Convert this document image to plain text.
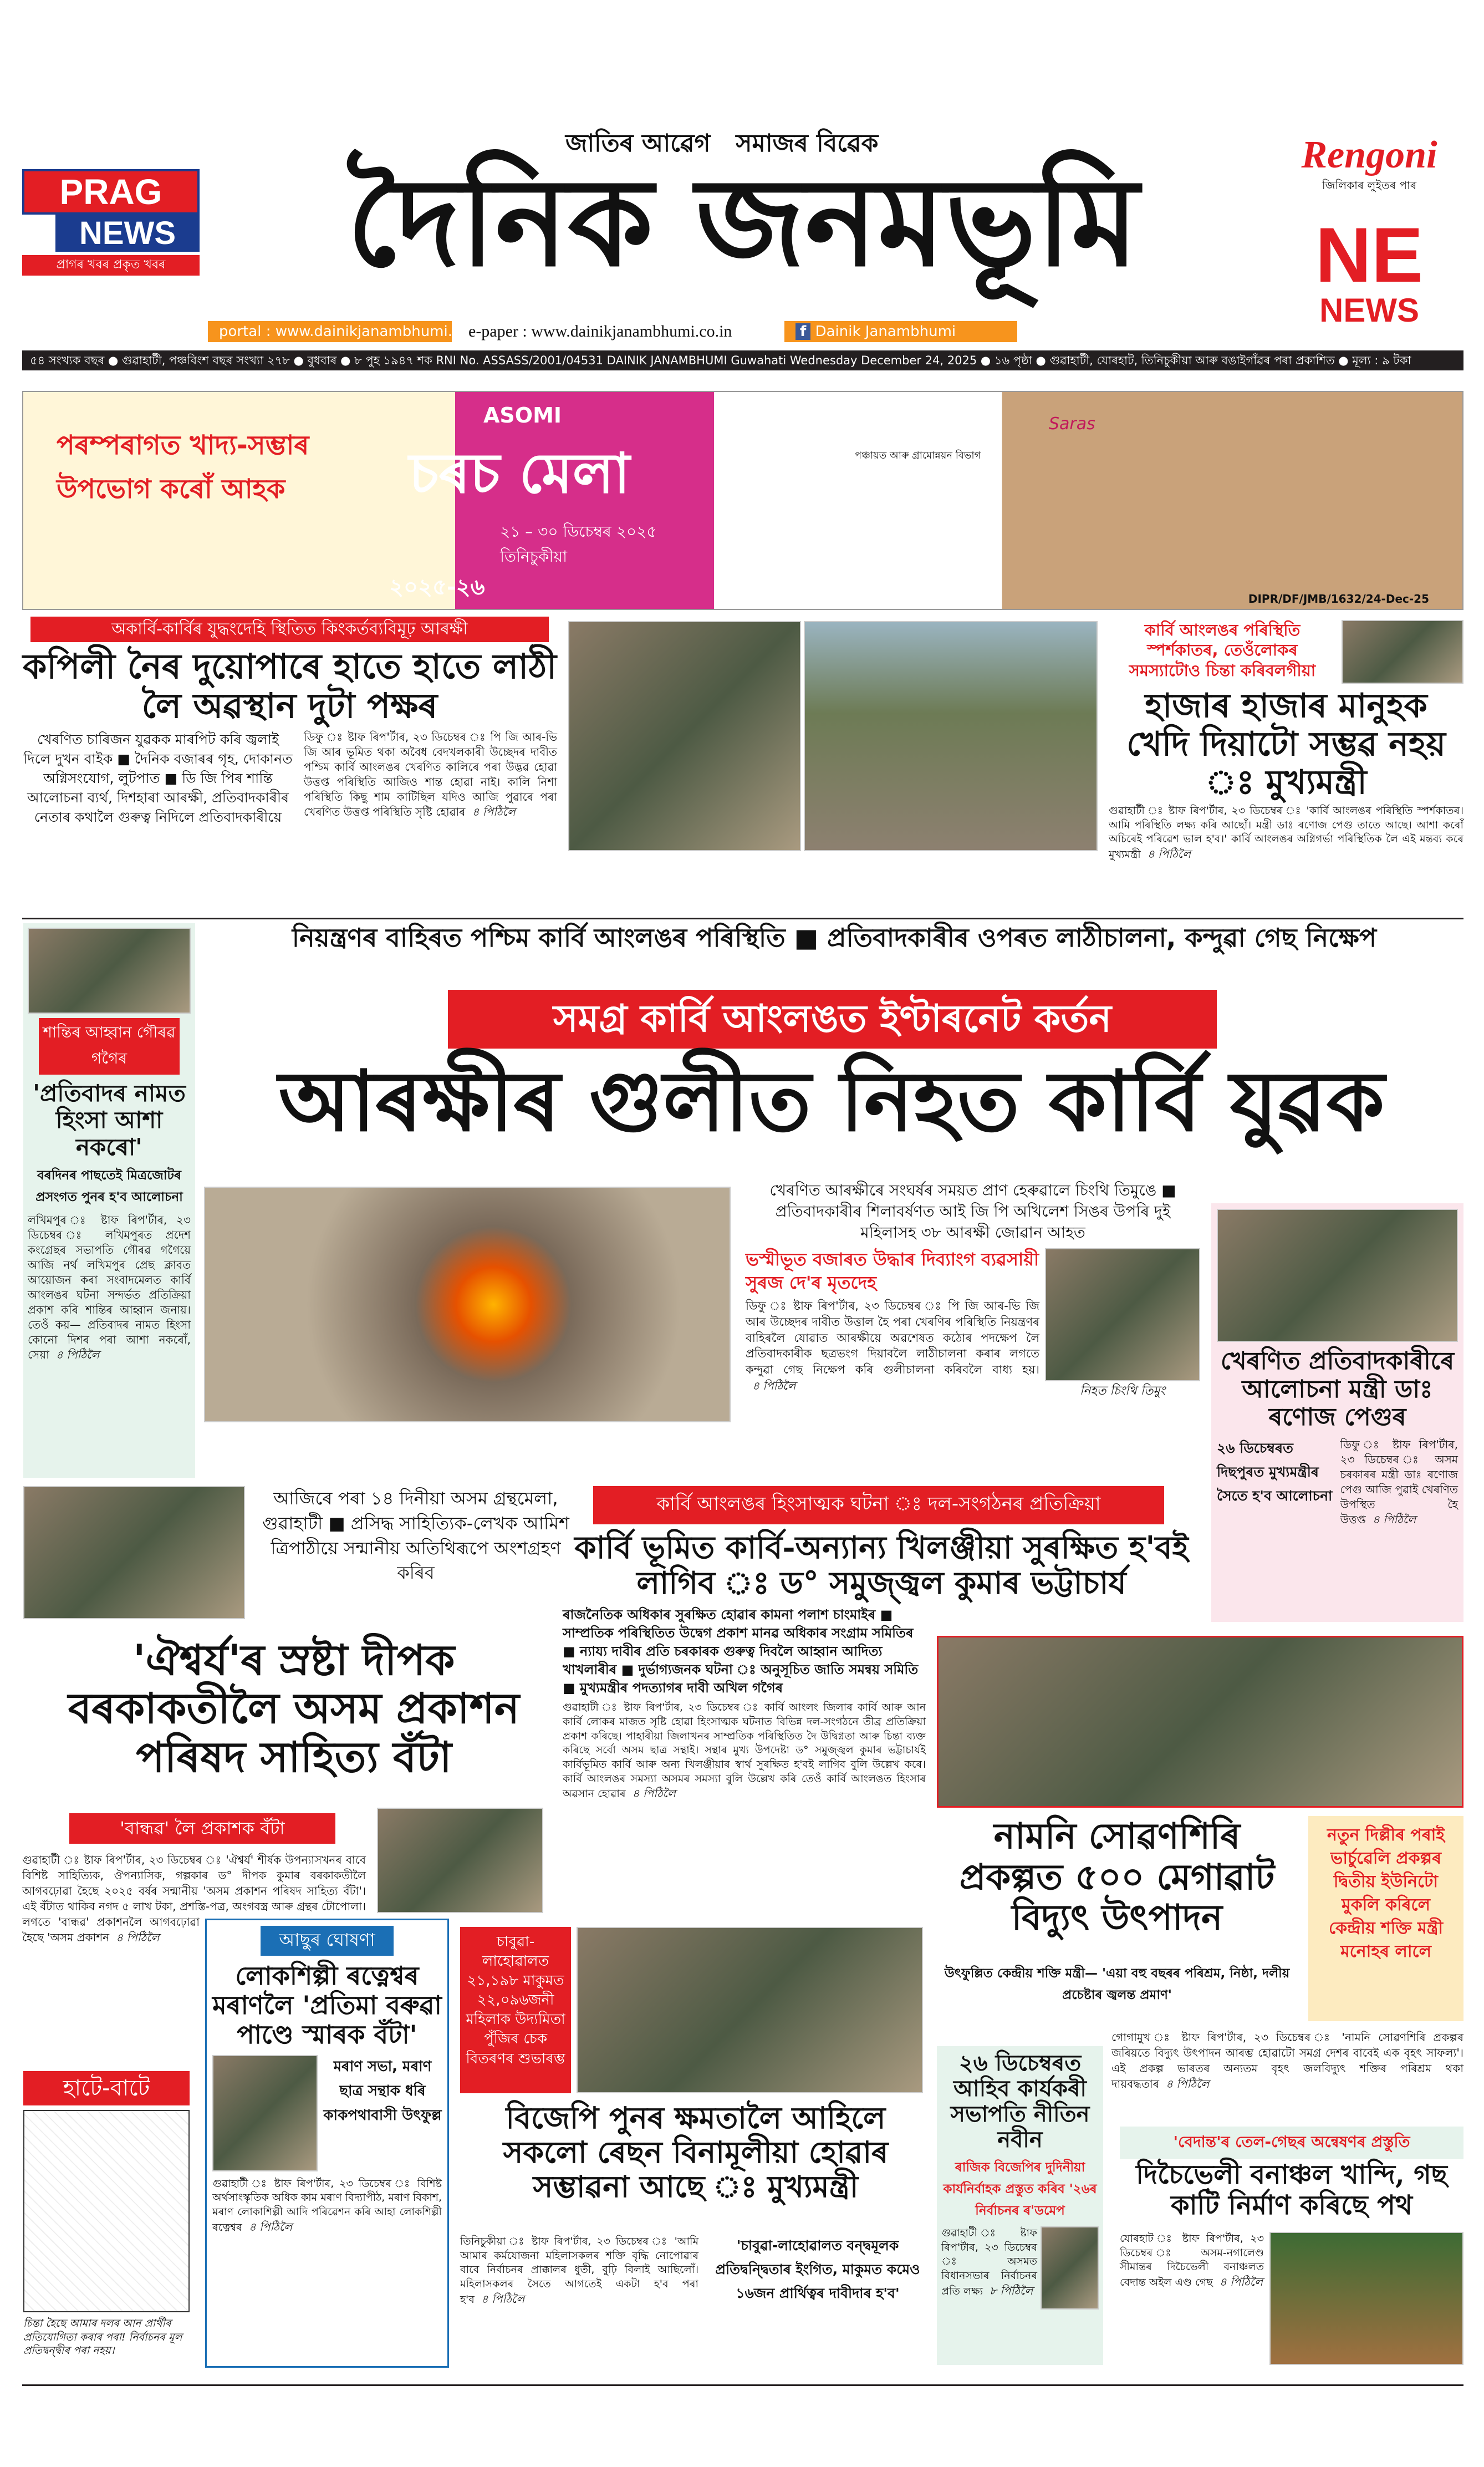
PRAG
NEWS
প্ৰাগৰ খবৰ প্ৰকৃত খবৰ
জাতিৰ আৱেগ সমাজৰ বিৱেক
দৈনিক জনমভূমি	Rengoni
জিলিকাৰ লুইতৰ পাৰ
NE
NEWS
portal : www.dainikjanambhumi.com
e-paper : www.dainikjanambhumi.co.in	f Dainik Janambhumi
৫৪ সংখ্যক বছৰ ● গুৱাহাটী, পঞ্চবিংশ বছৰ সংখ্যা ২৭৮ ● বুধবাৰ ● ৮ পুহ ১৯৪৭ শক RNI No. ASSASS/2001/04531 DAINIK JANAMBHUMI Guwahati Wednesday December 24, 2025 ● ১৬ পৃষ্ঠা ● গুৱাহাটী, যোৰহাট, তিনিচুকীয়া আৰু বঙাইগাঁৱৰ পৰা প্ৰকাশিত ● মূল্য : ৯ টকা
পৰম্পৰাগত খাদ্য-সম্ভাৰ উপভোগ কৰোঁ আহক
ASOMI
চৰচ মেলা
২১ – ৩০ ডিচেম্বৰ ২০২৫
তিনিচুকীয়া
২০২৫-২৬
পঞ্চায়ত আৰু গ্ৰামোন্নয়ন বিভাগ
Saras
DIPR/DF/JMB/1632/24-Dec-25
অকাৰ্বি-কাৰ্বিৰ যুদ্ধংদেহি স্থিতিত কিংকৰ্তব্যবিমূঢ় আৰক্ষী
কপিলী নৈৰ দুয়োপাৰে হাতে হাতে লাঠী লৈ অৱস্থান দুটা পক্ষৰ
খেৰণিত চাৰিজন যুৱকক মাৰপিট কৰি জ্বলাই দিলে দুখন বাইক ■ দৈনিক বজাৰৰ গৃহ, দোকানত অগ্নিসংযোগ, লুটপাত ■ ডি জি পিৰ শান্তি আলোচনা ব্যৰ্থ, দিশহাৰা আৰক্ষী, প্ৰতিবাদকাৰীৰ নেতাৰ কথালৈ গুৰুত্ব নিদিলে প্ৰতিবাদকাৰীয়ে
ডিফু ঃ ষ্টাফ ৰিপ'ৰ্টাৰ, ২৩ ডিচেম্বৰ ঃ পি জি আৰ-ভি জি আৰ ভূমিত থকা অবৈধ বেদখলকাৰী উচ্ছেদৰ দাবীত পশ্চিম কাৰ্বি আংলঙৰ খেৰণিত কালিৰে পৰা উদ্ভৱ হোৱা উত্তপ্ত পৰিস্থিতি আজিও শান্ত হোৱা নাই। কালি নিশা পৰিস্থিতি কিছু শাম কাটিছিল যদিও আজি পুৱাৰে পৰা খেৰণিত উত্তপ্ত পৰিস্থিতি সৃষ্টি হোৱাৰ ৪ পিঠিলৈ
কাৰ্বি আংলঙৰ পৰিস্থিতি স্পৰ্শকাতৰ, তেওঁলোকৰ সমস্যাটোও চিন্তা কৰিবলগীয়া
হাজাৰ হাজাৰ মানুহক খেদি দিয়াটো সম্ভৱ নহয় ঃ মুখ্যমন্ত্ৰী
গুৱাহাটী ঃ ষ্টাফ ৰিপ'ৰ্টাৰ, ২৩ ডিচেম্বৰ ঃ 'কাৰ্বি আংলঙৰ পৰিস্থিতি স্পৰ্শকাতৰ। আমি পৰিস্থিতি লক্ষ্য কৰি আছোঁ। মন্ত্ৰী ডাঃ ৰণোজ পেগু তাতে আছে। আশা কৰোঁ অচিৰেই পৰিৱেশ ভাল হ'ব।' কাৰ্বি আংলঙৰ অগ্নিগৰ্ভা পৰিস্থিতিক লৈ এই মন্তব্য কৰে মুখ্যমন্ত্ৰী ৪ পিঠিলৈ
শান্তিৰ আহ্বান গৌৰৱ গগৈৰ
'প্ৰতিবাদৰ নামত হিংসা আশা নকৰো'
বৰদিনৰ পাছতেই মিত্ৰজোটৰ প্ৰসংগত পুনৰ হ'ব আলোচনা
লখিমপুৰ ঃ ষ্টাফ ৰিপ'ৰ্টাৰ, ২৩ ডিচেম্বৰ ঃ লখিমপুৰত প্ৰদেশ কংগ্ৰেছৰ সভাপতি গৌৰৱ গগৈয়ে আজি নৰ্থ লখিমপুৰ প্ৰেছ ক্লাবত আয়োজন কৰা সংবাদমেলত কাৰ্বি আংলঙৰ ঘটনা সন্দৰ্ভত প্ৰতিক্ৰিয়া প্ৰকাশ কৰি শান্তিৰ আহ্বান জনায়। তেওঁ কয়— প্ৰতিবাদৰ নামত হিংসা কোনো দিশৰ পৰা আশা নকৰোঁ, সেয়া ৪ পিঠিলৈ
নিয়ন্ত্ৰণৰ বাহিৰত পশ্চিম কাৰ্বি আংলঙৰ পৰিস্থিতি ■ প্ৰতিবাদকাৰীৰ ওপৰত লাঠীচালনা, কন্দুৱা গেছ নিক্ষেপ
সমগ্ৰ কাৰ্বি আংলঙত ইণ্টাৰনেট কৰ্তন
আৰক্ষীৰ গুলীত নিহত কাৰ্বি যুৱক
খেৰণিত আৰক্ষীৰে সংঘৰ্ষৰ সময়ত প্ৰাণ হেৰুৱালে চিংথি তিমুঙে ■ প্ৰতিবাদকাৰীৰ শিলাবৰ্ষণত আই জি পি অখিলেশ সিঙৰ উপৰি দুই মহিলাসহ ৩৮ আৰক্ষী জোৱান আহত
ভস্মীভূত বজাৰত উদ্ধাৰ দিব্যাংগ ব্যৱসায়ী সুৰজ দে'ৰ মৃতদেহ
ডিফু ঃ ষ্টাফ ৰিপ'ৰ্টাৰ, ২৩ ডিচেম্বৰ ঃ পি জি আৰ-ভি জি আৰ উচ্ছেদৰ দাবীত উত্তাল হৈ পৰা খেৰণিৰ পৰিস্থিতি নিয়ন্ত্ৰণৰ বাহিৰলৈ যোৱাত আৰক্ষীয়ে অৱশেষত কঠোৰ পদক্ষেপ লৈ প্ৰতিবাদকাৰীক ছত্ৰভংগ দিয়াবলৈ লাঠীচালনা কৰাৰ লগতে কন্দুৱা গেছ নিক্ষেপ কৰি গুলীচালনা কৰিবলৈ বাধ্য হয়।৪ পিঠিলৈ	নিহত চিংথি তিমুং
খেৰণিত প্ৰতিবাদকাৰীৰে আলোচনা মন্ত্ৰী ডাঃ ৰণোজ পেগুৰ
২৬ ডিচেম্বৰত দিছপুৰত মুখ্যমন্ত্ৰীৰ সৈতে হ'ব আলোচনা
ডিফু ঃ ষ্টাফ ৰিপ'ৰ্টাৰ, ২৩ ডিচেম্বৰ ঃ অসম চৰকাৰৰ মন্ত্ৰী ডাঃ ৰণোজ পেগু আজি পুৱাই খেৰণিত উপস্থিত হৈ উত্তপ্ত ৪ পিঠিলৈ
আজিৰে পৰা ১৪ দিনীয়া অসম গ্ৰন্থমেলা, গুৱাহাটী ■ প্ৰসিদ্ধ সাহিত্যিক-লেখক আমিশ ত্ৰিপাঠীয়ে সন্মানীয় অতিথিৰূপে অংশগ্ৰহণ কৰিব
কাৰ্বি আংলঙৰ হিংসাত্মক ঘটনা ঃ দল-সংগঠনৰ প্ৰতিক্ৰিয়া
কাৰ্বি ভূমিত কাৰ্বি-অন্যান্য খিলঞ্জীয়া সুৰক্ষিত হ'বই লাগিব ঃ ড° সমুজ্জ্বল কুমাৰ ভট্টাচাৰ্য
ৰাজনৈতিক অধিকাৰ সুৰক্ষিত হোৱাৰ কামনা পলাশ চাংমাইৰ ■ সাম্প্ৰতিক পৰিস্থিতিত উদ্বেগ প্ৰকাশ মানৱ অধিকাৰ সংগ্ৰাম সমিতিৰ ■ ন্যায্য দাবীৰ প্ৰতি চৰকাৰক গুৰুত্ব দিবলৈ আহ্বান আদিত্য খাখলাৰীৰ ■ দুৰ্ভাগ্যজনক ঘটনা ঃ অনুসূচিত জাতি সমন্বয় সমিতি ■ মুখ্যমন্ত্ৰীৰ পদত্যাগৰ দাবী অখিল গগৈৰ
গুৱাহাটী ঃ ষ্টাফ ৰিপ'ৰ্টাৰ, ২৩ ডিচেম্বৰ ঃ কাৰ্বি আংলং জিলাৰ কাৰ্বি আৰু আন কাৰ্বি লোকৰ মাজত সৃষ্টি হোৱা হিংসাত্মক ঘটনাত বিভিন্ন দল-সংগঠনে তীব্ৰ প্ৰতিক্ৰিয়া প্ৰকাশ কৰিছে। পাহাৰীয়া জিলাখনৰ সাম্প্ৰতিক পৰিস্থিতিত দৈ উদ্বিগ্নতা আৰু চিন্তা ব্যক্ত কৰিছে সৰ্বো অসম ছাত্ৰ সন্থাই। সন্থাৰ মুখ্য উপদেষ্টা ড° সমুজ্জ্বল কুমাৰ ভট্টাচাৰ্যই কাৰ্বিভূমিত কাৰ্বি আৰু অন্য খিলঞ্জীয়াৰ স্বাৰ্থ সুৰক্ষিত হ'বই লাগিব বুলি উল্লেখ কৰে। কাৰ্বি আংলঙৰ সমস্যা অসমৰ সমস্যা বুলি উল্লেখ কৰি তেওঁ কাৰ্বি আংলঙত হিংসাৰ অৱসান হোৱাৰ ৪ পিঠিলৈ
'ঐশ্বৰ্য'ৰ স্ৰষ্টা দীপক বৰকাকতীলৈ অসম প্ৰকাশন পৰিষদ সাহিত্য বঁটা
'বান্ধৱ' লৈ প্ৰকাশক বঁটা
গুৱাহাটী ঃ ষ্টাফ ৰিপ'ৰ্টাৰ, ২৩ ডিচেম্বৰ ঃ 'ঐশ্বৰ্য' শীৰ্ষক উপন্যাসখনৰ বাবে বিশিষ্ট সাহিত্যিক, ঔপন্যাসিক, গল্পকাৰ ড° দীপক কুমাৰ বৰকাকতীলৈ আগবঢ়োৱা হৈছে ২০২৫ বৰ্ষৰ সন্মানীয় 'অসম প্ৰকাশন পৰিষদ সাহিত্য বঁটা'। এই বঁটাত থাকিব নগদ ৫ লাখ টকা, প্ৰশস্তি-পত্ৰ, অংগবস্ত্ৰ আৰু গ্ৰন্থৰ টোপোলা। লগতে 'বান্ধৱ' প্ৰকাশনলৈ আগবঢ়োৱা হৈছে 'অসম প্ৰকাশন ৪ পিঠিলৈ
নামনি সোৱণশিৰি প্ৰকল্পত ৫০০ মেগাৱাট বিদ্যুৎ উৎপাদন
উৎফুল্লিত কেন্দ্ৰীয় শক্তি মন্ত্ৰী— 'এয়া বহু বছৰৰ পৰিশ্ৰম, নিষ্ঠা, দলীয় প্ৰচেষ্টাৰ জ্বলন্ত প্ৰমাণ'
নতুন দিল্লীৰ পৰাই ভাৰ্চুৱেলি প্ৰকল্পৰ দ্বিতীয় ইউনিটো মুকলি কৰিলে কেন্দ্ৰীয় শক্তি মন্ত্ৰী মনোহৰ লালে
গোগামুখ ঃ ষ্টাফ ৰিপ'ৰ্টাৰ, ২৩ ডিচেম্বৰ ঃ 'নামনি সোৱণশিৰি প্ৰকল্পৰ জৰিয়তে বিদ্যুৎ উৎপাদন আৰম্ভ হোৱাটো সমগ্ৰ দেশৰ বাবেই এক বৃহৎ সাফল্য'। এই প্ৰকল্প ভাৰতৰ অন্যতম বৃহৎ জলবিদ্যুৎ শক্তিৰ পৰিশ্ৰম থকা দায়বদ্ধতাৰ ৪ পিঠিলৈ
হাটে-বাটে
চিন্তা হৈছে আমাৰ দলৰ আন প্ৰাৰ্থীৰ প্ৰতিযোগিতা কৰাৰ পৰা! নিৰ্বাচনৰ মূল প্ৰতিদ্বন্দ্বীৰ পৰা নহয়।
আছুৰ ঘোষণা
লোকশিল্পী ৰত্নেশ্বৰ মৰাণলৈ 'প্ৰতিমা বৰুৱা পাণ্ডে স্মাৰক বঁটা'
মৰাণ সভা, মৰাণ ছাত্ৰ সন্থাক ধৰি কাকপথাবাসী উৎফুল্ল
গুৱাহাটী ঃ ষ্টাফ ৰিপ'ৰ্টাৰ, ২৩ ডিচেম্বৰ ঃ বিশিষ্ট অৰ্থসাংস্কৃতিক অধিক কাম মৰাণ বিদ্যাপীঠ, মৰাণ বিকাশ, মৰাণ লোকাশিল্পী আদি পৰিৱেশন কৰি আহা লোকশিল্পী ৰত্নেশ্বৰ ৪ পিঠিলৈ
চাবুৱা-লাহোৱালত ২১,১৯৮ মাকুমত ২২,০৯৬জনী মহিলাক উদ্যমিতা পুঁজিৰ চেক বিতৰণৰ শুভাৰম্ভ
বিজেপি পুনৰ ক্ষমতালৈ আহিলে সকলো ৰেছন বিনামূলীয়া হোৱাৰ সম্ভাৱনা আছে ঃ মুখ্যমন্ত্ৰী
তিনিচুকীয়া ঃ ষ্টাফ ৰিপ'ৰ্টাৰ, ২৩ ডিচেম্বৰ ঃ 'আমি আমাৰ কৰ্মযোজনা মহিলাসকলৰ শক্তি বৃদ্ধি নোপোৱাৰ বাবে নিৰ্বাচনৰ প্ৰাক্কালৰ ধুতী, বুঢ়ি বিলাই আছিলোঁ। মহিলাসকলৰ সৈতে আগতেই একটা হ'ব পৰা হ'ব ৪ পিঠিলৈ
'চাবুৱা-লাহোৱালত বন্দ্বমূলক প্ৰতিদ্বন্দ্বিতাৰ ইংগিত, মাকুমত কমেও ১৬জন প্ৰাৰ্থিত্বৰ দাবীদাৰ হ'ব'
২৬ ডিচেম্বৰত আহিব কাৰ্যকৰী সভাপতি নীতিন নবীন
ৰাজিক বিজেপিৰ দুদিনীয়া কাৰ্যনিৰ্বাহক প্ৰস্তুত কৰিব '২৬ৰ নিৰ্বাচনৰ ৰ'ডমেপ
গুৱাহাটী ঃ ষ্টাফ ৰিপ'ৰ্টাৰ, ২৩ ডিচেম্বৰ ঃ অসমত বিধানসভাৰ নিৰ্বাচনৰ প্ৰতি লক্ষ্য ৮ পিঠিলৈ
'বেদান্ত'ৰ তেল-গেছৰ অন্বেষণৰ প্ৰস্তুতি
দিচৈভেলী বনাঞ্চল খান্দি, গছ কাটি নিৰ্মাণ কৰিছে পথ
যোৰহাট ঃ ষ্টাফ ৰিপ'ৰ্টাৰ, ২৩ ডিচেম্বৰ ঃ অসম-নগালেণ্ড সীমান্তৰ দিচৈভেলী বনাঞ্চলত বেদান্ত অইল এণ্ড গেছ ৪ পিঠিলৈ
